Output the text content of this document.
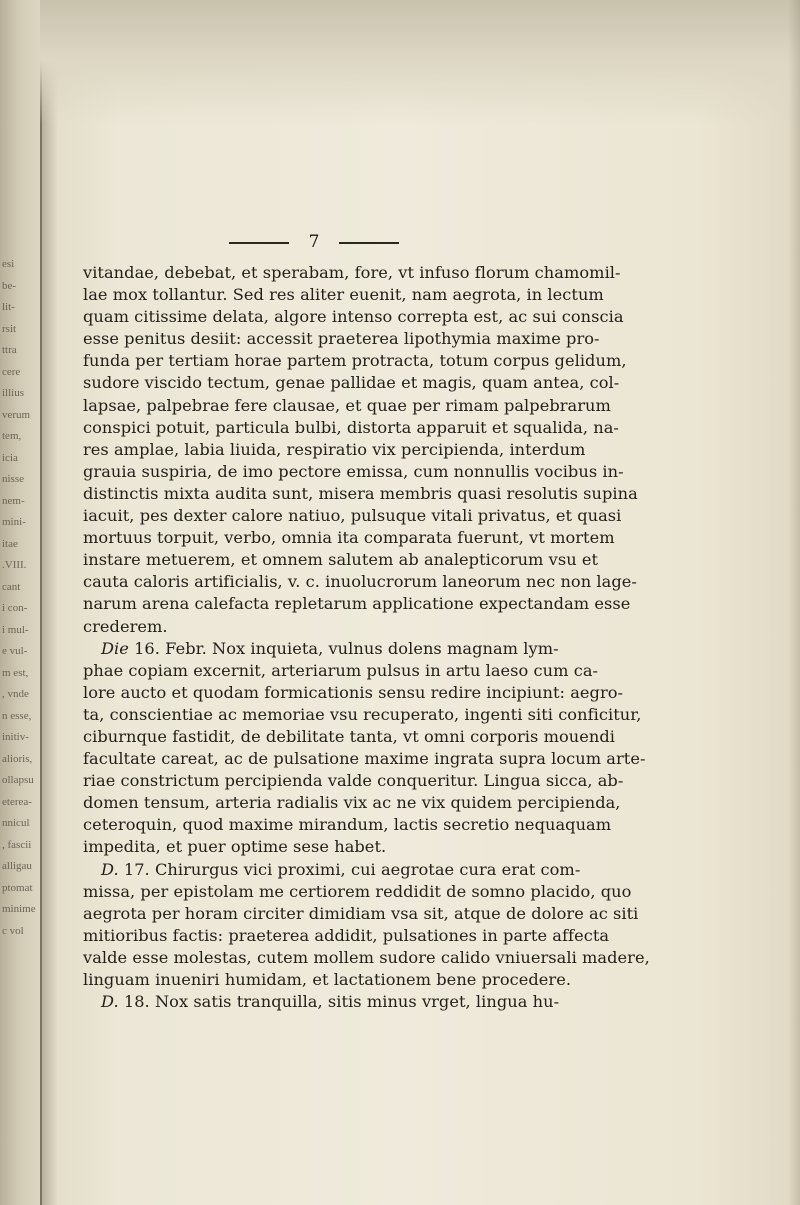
esi
be-
lit-
rsit
ttra
cere
illius
verum
tem,
icia
nisse
nem-
mini-
itae
.VIII.
cant
i con-
i mul-
e vul-
m est,
, vnde
n esse,
initiv-
alioris,
ollapsu
eterea-
nnicul
, fascii
alligau
ptomat
minime
c vol
7
vitandae, debebat, et sperabam, fore, vt infuso florum chamomil-
lae mox tollantur. Sed res aliter euenit, nam aegrota, in lectum
quam citissime delata, algore intenso correpta est, ac sui conscia
esse penitus desiit: accessit praeterea lipothymia maxime pro-
funda per tertiam horae partem protracta, totum corpus gelidum,
sudore viscido tectum, genae pallidae et magis, quam antea, col-
lapsae, palpebrae fere clausae, et quae per rimam palpebrarum
conspici potuit, particula bulbi, distorta apparuit et squalida, na-
res amplae, labia liuida, respiratio vix percipienda, interdum
grauia suspiria, de imo pectore emissa, cum nonnullis vocibus in-
distinctis mixta audita sunt, misera membris quasi resolutis supina
iacuit, pes dexter calore natiuo, pulsuque vitali privatus, et quasi
mortuus torpuit, verbo, omnia ita comparata fuerunt, vt mortem
instare metuerem, et omnem salutem ab analepticorum vsu et
cauta caloris artificialis, v. c. inuolucrorum laneorum nec non lage-
narum arena calefacta repletarum applicatione expectandam esse
crederem.
Die 16. Febr. Nox inquieta, vulnus dolens magnam lym-
phae copiam excernit, arteriarum pulsus in artu laeso cum ca-
lore aucto et quodam formicationis sensu redire incipiunt: aegro-
ta, conscientiae ac memoriae vsu recuperato, ingenti siti conficitur,
ciburnque fastidit, de debilitate tanta, vt omni corporis mouendi
facultate careat, ac de pulsatione maxime ingrata supra locum arte-
riae constrictum percipienda valde conqueritur. Lingua sicca, ab-
domen tensum, arteria radialis vix ac ne vix quidem percipienda,
ceteroquin, quod maxime mirandum, lactis secretio nequaquam
impedita, et puer optime sese habet.
D. 17. Chirurgus vici proximi, cui aegrotae cura erat com-
missa, per epistolam me certiorem reddidit de somno placido, quo
aegrota per horam circiter dimidiam vsa sit, atque de dolore ac siti
mitioribus factis: praeterea addidit, pulsationes in parte affecta
valde esse molestas, cutem mollem sudore calido vniuersali madere,
linguam inueniri humidam, et lactationem bene procedere.
D. 18. Nox satis tranquilla, sitis minus vrget, lingua hu-
